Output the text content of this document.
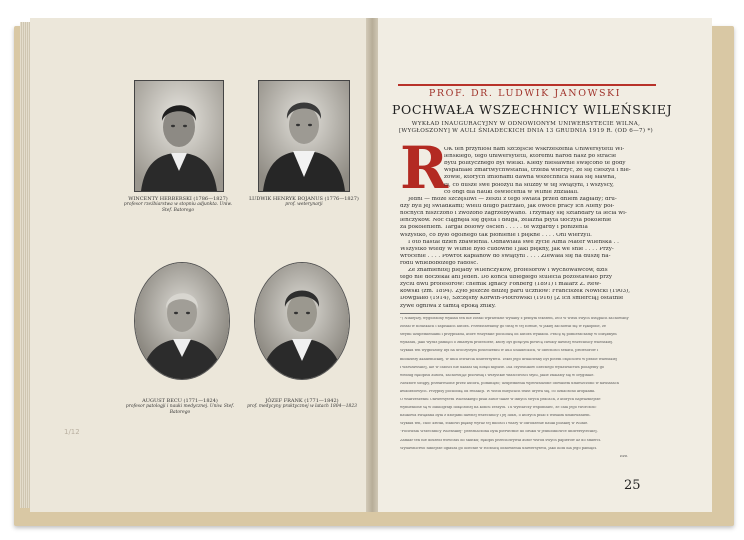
WINCENTY HERBERSKI (1786—1827)
profesor rzeźbiarstwa w stopniu adjunkta. Uniw. Stef. Batorego
LUDWIK HENRYK BOJANUS (1776—1827)
prof. weterynarji
AUGUST BECU (1771—1824)
profesor patologji i nauki medycznej. Uniw. Stef. Batorego
JÓZEF FRANK (1771—1842)
prof. medycyny praktycznej w latach 1804—1823
1/12
PROF. DR. LUDWIK JANOWSKI
POCHWAŁA WSZECHNICY WILEŃSKIEJ
WYKŁAD INAUGURACYJNY W ODNOWIONYM UNIWERSYTECIE WILNA,
[WYGŁOSZONY] W AULI ŚNIADECKICH DNIA 13 GRUDNIA 1919 R. (OD 6—7) *)
R
OK ten przyniósł nam szczęście wskrzeszenia Uniwersytetu Wi-
leńskiego, tego uniwersytetu, któremu naród nasz po stracie
bytu politycznego był wielki. Kiedy niesławnie święcono te gody
wspaniałe zmartwychwstania, trzeba wierzyć, że się cieszyli i nie-
żowie, których imionami dawna wszechnica słała się sławna,
ci, co dusze swe położyli na służby w tej świątyni, i wszyscy,
co ongi dla nauki oświecenia w Wilnie zdziałali.
Jedni — może szczęśliwi — zeszli z tego świata przed dniem zagłady; dru-
dzy byli jej świadkami; wielu długo patrzało, jak owoce pracy ich Ateny poł-
nocnych niszczono i zwożono zagrzebywano. Trzymały się sztandary ta lecia wi-
leńczyków. Noc ciągnęła się gęsta i długa, żelazna płyta tłoczyła pokolenie
za pokoleniem. Targał bólowy oścień . . . . . te wzgardy i poniżenia
wszystko, co było ogólnego tak płonienie i piękne . . . . Oni wierzyli.
I oto nastał dzień zbawienia. Odnawiała swe życie Alma Mater wileńska . .
Wszystko wtedy w Wilnie było cudowne i jaki piękny, jak we śnie . . . . Przy-
wrócenie . . . . Powrót kapłanów do świątyni . . . . Zlewała się na duszę na-
rodu wniebobożego radość.
Ze znamienitej plejady Wileńczyków, profesorów i wychowawców, dziś
tego nie doczekał ani jeden. Do końca ubiegłego stulecia pozostawało przy
życiu dwu profesorów: chemik Ignacy Fonberg (1891) i malarz Z. Rew-
kowski (zm. 1894). Żyło jeszcze dłużej paru uczniów: Franciszek Nowicki (1903),
Dowgiałło (1914), Szczęsny Korwin-Piotrowski (1916) [Z ich śmiercią] ostatnie
żywe ogniwa z tamtą epoką zniky.
*) Niniejszy, wygłoszony wykład ten nie został wprawdzie wydany z pełnym tekstem, lecz w wielu swych ustępach zachowany
został w notatkach i zapiskach autora. Przedstawiamy go tutaj w tej formie, w jakiej zachował się w rękopisie, ze
swymi uzupełnieniami i przypisami, które wszystkie pochodzą od autora wykładu. Pracę tę pomieszczamy w odrębnym
wydaniu, jako wyraz pamięci o zmarłym profesorze, który był gorącym piewcą chwały dawnej wszechnicy wileńskiej.
Wykład ten wygłoszony był na uroczystym posiedzeniu w auli Śniadeckich, w obecności senatu, profesorów i
młodzieży akademickiej, w dniu otwarcia uniwersytetu. Tekst jego drukowany był potem częściowo w prasie wileńskiej
i warszawskiej, ale w całości nie ukazał się dotąd nigdzie. Dla czytelników obecnego wydawnictwa podajemy go
według rękopisu autora, zachowując pisownię i wszystkie właściwości stylu, jakie znalazły się w oryginale.
Niektóre ustępy, przekreślone przez autora, pominięto; uzupełnienia wprowadzone ołówkiem umieszczono w nawiasach
kwadratowych. Przypisy pochodzą od redakcji. W wielu miejscach tekst urywa się, co oznaczono kropkami.
O wskrzeszeniu Uniwersytetu Wileńskiego pisał autor także w innych swych pracach, z których najważniejsze
wymienione są w bibliografji dołączonej na końcu zeszytu. Tu wystarczy wspomnieć, że cała jego twórczość
naukowa związana była z dziejami dawnej wszechnicy i jej ludzi, o których pisał z wielkim umiłowaniem.
Wykład ten, choć krótki, stanowi piękny wyraz tej miłości i wiary w odrodzenie nauki polskiej w Wilnie.
"Pochwała Wszechnicy Wileńskiej" przeznaczona była pierwotnie do druku w jednodniówce uniwersyteckiej.
Zamiar ten nie doszedł wówczas do skutku; rękopis przechowywał autor wśród swych papierów aż do śmierci.
Wydawnictwo niniejsze ogłasza go obecnie w rocznicę odnowienia uniwersytetu, jako hołd dla jego pamięci.
Red.
25
